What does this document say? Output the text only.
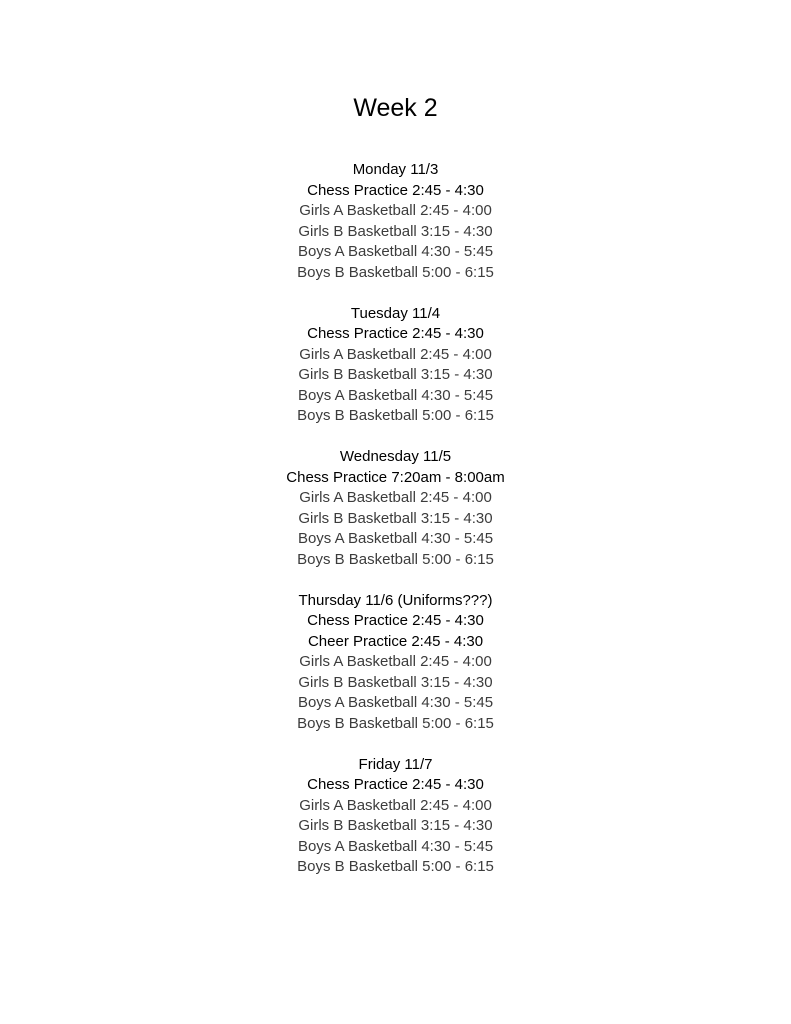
Week 2
Monday 11/3
Chess Practice 2:45 - 4:30
Girls A Basketball 2:45 - 4:00
Girls B Basketball 3:15 - 4:30
Boys A Basketball 4:30 - 5:45
Boys B Basketball 5:00 - 6:15
Tuesday 11/4
Chess Practice 2:45 - 4:30
Girls A Basketball 2:45 - 4:00
Girls B Basketball 3:15 - 4:30
Boys A Basketball 4:30 - 5:45
Boys B Basketball 5:00 - 6:15
Wednesday 11/5
Chess Practice 7:20am - 8:00am
Girls A Basketball 2:45 - 4:00
Girls B Basketball 3:15 - 4:30
Boys A Basketball 4:30 - 5:45
Boys B Basketball 5:00 - 6:15
Thursday 11/6 (Uniforms???)
Chess Practice 2:45 - 4:30
Cheer Practice 2:45 - 4:30
Girls A Basketball 2:45 - 4:00
Girls B Basketball 3:15 - 4:30
Boys A Basketball 4:30 - 5:45
Boys B Basketball 5:00 - 6:15
Friday 11/7
Chess Practice 2:45 - 4:30
Girls A Basketball 2:45 - 4:00
Girls B Basketball 3:15 - 4:30
Boys A Basketball 4:30 - 5:45
Boys B Basketball 5:00 - 6:15
